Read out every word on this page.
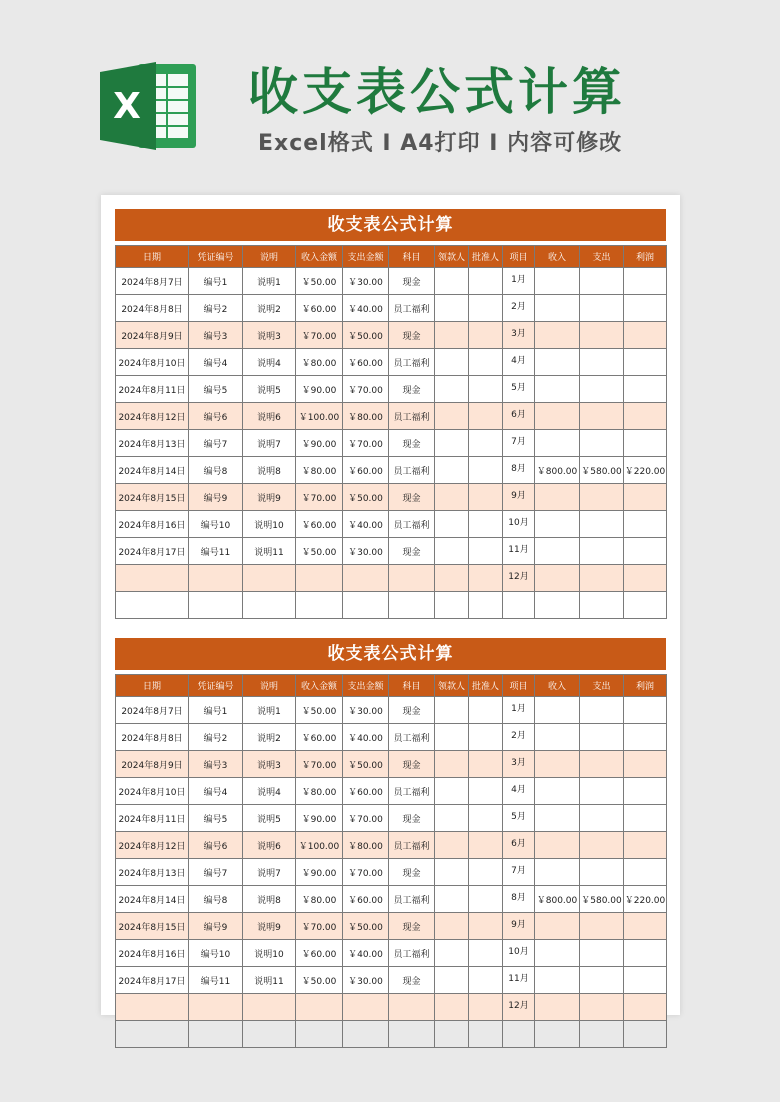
X 收支表公式计算
Excel格式 I A4打印 I 内容可修改
收支表公式计算
日期	凭证编号	说明	收入金额	支出金额	科目	领款人	批准人	项目	收入	支出	利润
2024年8月7日	编号1	说明1	￥50.00	￥30.00	现金			1月			
2024年8月8日	编号2	说明2	￥60.00	￥40.00	员工福利			2月			
2024年8月9日	编号3	说明3	￥70.00	￥50.00	现金			3月			
2024年8月10日	编号4	说明4	￥80.00	￥60.00	员工福利			4月			
2024年8月11日	编号5	说明5	￥90.00	￥70.00	现金			5月			
2024年8月12日	编号6	说明6	￥100.00	￥80.00	员工福利			6月			
2024年8月13日	编号7	说明7	￥90.00	￥70.00	现金			7月			
2024年8月14日	编号8	说明8	￥80.00	￥60.00	员工福利			8月	￥800.00	￥580.00	￥220.00
2024年8月15日	编号9	说明9	￥70.00	￥50.00	现金			9月			
2024年8月16日	编号10	说明10	￥60.00	￥40.00	员工福利			10月			
2024年8月17日	编号11	说明11	￥50.00	￥30.00	现金			11月			
								12月			

收支表公式计算
日期	凭证编号	说明	收入金额	支出金额	科目	领款人	批准人	项目	收入	支出	利润
2024年8月7日	编号1	说明1	￥50.00	￥30.00	现金			1月			
2024年8月8日	编号2	说明2	￥60.00	￥40.00	员工福利			2月			
2024年8月9日	编号3	说明3	￥70.00	￥50.00	现金			3月			
2024年8月10日	编号4	说明4	￥80.00	￥60.00	员工福利			4月			
2024年8月11日	编号5	说明5	￥90.00	￥70.00	现金			5月			
2024年8月12日	编号6	说明6	￥100.00	￥80.00	员工福利			6月			
2024年8月13日	编号7	说明7	￥90.00	￥70.00	现金			7月			
2024年8月14日	编号8	说明8	￥80.00	￥60.00	员工福利			8月	￥800.00	￥580.00	￥220.00
2024年8月15日	编号9	说明9	￥70.00	￥50.00	现金			9月			
2024年8月16日	编号10	说明10	￥60.00	￥40.00	员工福利			10月			
2024年8月17日	编号11	说明11	￥50.00	￥30.00	现金			11月			
								12月			
